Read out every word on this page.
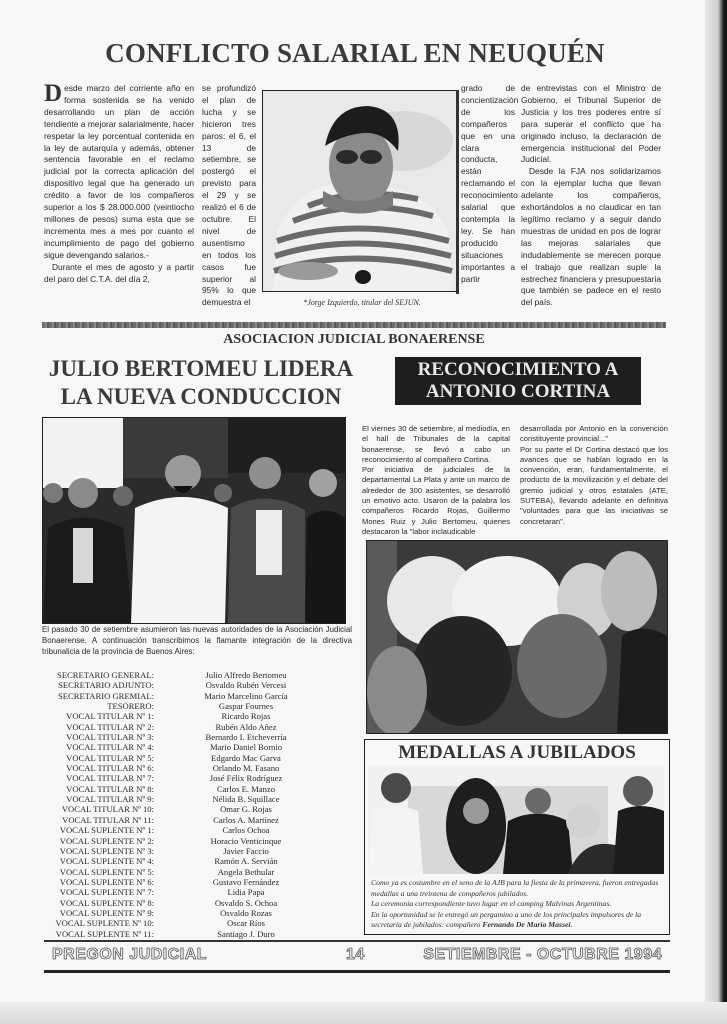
CONFLICTO SALARIAL EN NEUQUÉN

Desde marzo del corriente año en forma sostenida se ha venido desarrollando un plan de acción tendiente a mejorar salarialmente, hacer respetar la ley porcentual contenida en la ley de autarquía y además, obtener sentencia favorable en el reclamo judicial por la correcta aplicación del dispositivo legal que ha generado un crédito a favor de los compañeros superior a los $ 28.000.000 (veintiocho millones de pesos) suma esta que se incrementa mes a mes por cuanto el incumplimiento de pago del gobierno sigue devengando salarios.-

Durante el mes de agosto y a partir del paro del C.T.A. del día 2,

se profundizó el plan de lucha y se hicieron tres paros: el 6, el 13 de setiembre, se postergó el previsto para el 29 y se realizó el 6 de octubre. El nivel de ausentismo en todos los casos fue superior al 95% lo que demuestra el	*Jorge Izquierdo, titular del SEJUN.
grado de concientización de los compañeros que en una clara conducta, están reclamando el reconocimiento salarial que contempla la ley. Se han producido situaciones importantes a partir

de entrevistas con el Ministro de Gobierno, el Tribunal Superior de Justicia y los tres poderes entre sí para superar el conflicto que ha originado incluso, la declaración de emergencia institucional del Poder Judicial.

Desde la FJA nos solidarizamos con la ejemplar lucha que llevan adelante los compañeros, exhortándolos a no claudicar en tan legítimo reclamo y a seguir dando muestras de unidad en pos de lograr las mejoras salariales que indudablemente se merecen porque el trabajo que realizan suple la estrechez financiera y presupuestaria que también se padece en el resto del país.

ASOCIACION JUDICIAL BONAERENSE
JULIO BERTOMEU LIDERA
LA NUEVA CONDUCCION
El pasado 30 de setiembre asumieron las nuevas autoridades de la Asociación Judicial Bonaerense. A continuación transcribimos la flamante integración de la directiva tribunalicia de la provincia de Buenos Aires:
SECRETARIO GENERAL:	Julio Alfredo Bertomeu
SECRETARIO ADJUNTO:	Osvaldo Rubén Vercesi
SECRETARIO GREMIAL:	Mario Marcelino García
TESORERO:	Gaspar Fournes
VOCAL TITULAR Nº 1:	Ricardo Rojas
VOCAL TITULAR Nº 2:	Rubén Aldo Añez
VOCAL TITULAR Nº 3:	Bernardo I. Etcheverría
VOCAL TITULAR Nº 4:	Mario Daniel Bornio
VOCAL TITULAR Nº 5:	Edgardo Mac Garva
VOCAL TITULAR Nº 6:	Orlando M. Fasano
VOCAL TITULAR Nº 7:	José Félix Rodríguez
VOCAL TITULAR Nº 8:	Carlos E. Manzo
VOCAL TITULAR Nº 9:	Nélida B. Squillace
VOCAL TITULAR Nº 10:	Omar G. Rojas
VOCAL TITULAR Nº 11:	Carlos A. Martínez
VOCAL SUPLENTE Nº 1:	Carlos Ochoa
VOCAL SUPLENTE Nº 2:	Horacio Venticinque
VOCAL SUPLENTE Nº 3:	Javier Faccio
VOCAL SUPLENTE Nº 4:	Ramón A. Servián
VOCAL SUPLENTE Nº 5:	Angela Bethular
VOCAL SUPLENTE Nº 6:	Gustavo Fernández
VOCAL SUPLENTE Nº 7:	Lidia Papa
VOCAL SUPLENTE Nº 8:	Osvaldo S. Ochoa
VOCAL SUPLENTE Nº 9:	Osvaldo Rozas
VOCAL SUPLENTE Nº 10:	Oscar Ríos
VOCAL SUPLENTE Nº 11:	Santiago J. Duro
RECONOCIMIENTO A
ANTONIO CORTINA

El viernes 30 de setiembre, al mediodía, en el hall de Tribunales de la capital bonaerense, se llevó a cabo un reconocimiento al compañero Cortina.

Por iniciativa de judiciales de la departamental La Plata y ante un marco de alrededor de 300 asistentes, se desarrolló un emotivo acto. Usaron de la palabra los compañeros Ricardo Rojas, Guillermo Mones Ruiz y Julio Bertomeu, quienes destacaron la "labor inclaudicable

desarrollada por Antonio en la convención constituyente provincial..."

Por su parte el Dr Cortina destacó que los avances que se habían logrado en la convención, eran, fundamentalmente, el producto de la movilización y el debate del gremio judicial y otros estatales (ATE, SUTEBA), llevando adelante en definitiva "voluntades para que las iniciativas se concretaran".

MEDALLAS A JUBILADOS
Como ya es costumbre en el seno de la AJB para la fiesta de la primavera, fueron entregadas medallas a una treintena de compañeros jubilados.
La ceremonia correspondiente tuvo lugar en el camping Malvinas Argentinas.
En la oportunidad se le entregó un pergamino a uno de los principales impulsores de la secretaría de jubilados: compañero Fernando De María Massei.
PREGON JUDICIAL	14	SETIEMBRE - OCTUBRE 1994
